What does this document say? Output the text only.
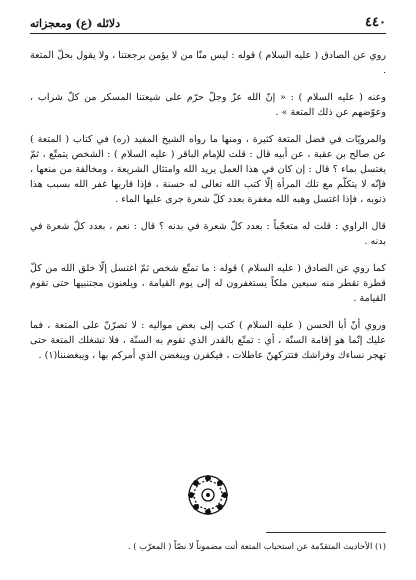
٤٤٠
دلائله (ع) ومعجزاته

روي عن الصادق ( عليه السلام ) قوله : ليس منّا من لا يؤمن برجعتنا ، ولا يقول بحلّ المتعة .

وعنه ( عليه السلام ) : « إنّ الله عزّ وجلّ حرّم على شيعتنا المسكر من كلّ شراب ، وعوّضهم عن ذلك المتعة » .

والمرويّات في فضل المتعة كثيرة ، ومنها ما رواه الشيخ المفيد (ره) في كتاب ( المتعة ) عن صالح بن عقبة ، عن أبيه قال : قلت للإمام الباقر ( عليه السلام ) : الشخص يتمتّع ، ثمّ يغتسل بماء ؟ قال : إن كان في هذا العمل يريد الله وامتثال الشريعة ، ومخالفة من منعها ، فإنّه لا يتكلّم مع تلك المرأة إلّا كتب الله تعالى له حسنة ، فإذا قاربها غفر الله بسبب هذا ذنوبه ، فإذا اغتسل وهبه الله مغفرة بعدد كلّ شعرة جرى عليها الماء .

قال الراوي : قلت له متعجّباً : بعدد كلّ شعرة في بدنه ؟ قال : نعم ، بعدد كلّ شعرة في بدنه .

كما روي عن الصادق ( عليه السلام ) قوله : ما تمتّع شخص ثمّ اغتسل إلّا خلق الله من كلّ قطرة تقطر منه سبعين ملكاً يستغفرون له إلى يوم القيامة ، ويلعنون مجتنبيها حتى تقوم القيامة .

وروي أنّ أبا الحسن ( عليه السلام ) كتب إلى بعض مواليه : لا تصرّنّ على المتعة ، فما عليك إنّما هو إقامة السنّة ، أي : تمتّع بالقدر الذي تقوم به السنّة ، فلا تشغلك المتعة حتى تهجر نساءك وفراشك فتتركهنّ عاطلات ، فيكفرن ويبغضن الذي أمركم بها ، ويبغضننا(١) .

(١) الأحاديث المتقدّمة عن استحباب المتعة أتت مضموناً لا نصّاً ( المعرّب ) .
